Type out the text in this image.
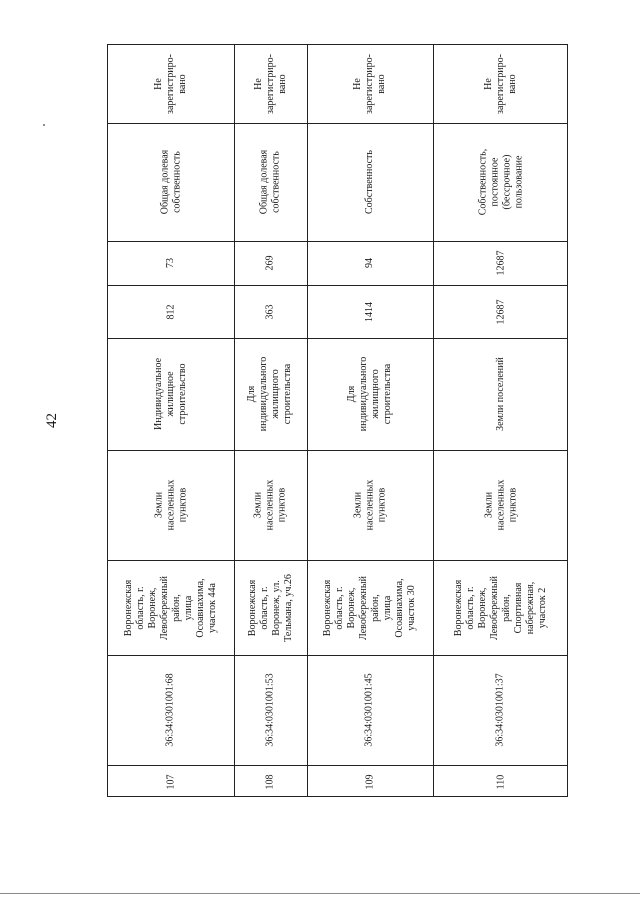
42
Не
зарегистриро-
вано
Общая долевая
собственность
73
812
Индивидуальное
жилищное
строительство
Земли
населенных
пунктов
Воронежская
область, г.
Воронеж,
Левобережный
район,
улица
Осоавиахима,
участок 44а
36:34:0301001:68
107
Не
зарегистриро-
вано
Общая долевая
собственность
269
363
Для
индивидуального
жилищного
строительства
Земли
населенных
пунктов
Воронежская
область, г.
Воронеж, ул.
Тельмана, уч.26
36:34:0301001:53
108
Не
зарегистриро-
вано
Собственность
94
1414
Для
индивидуального
жилищного
строительства
Земли
населенных
пунктов
Воронежская
область, г.
Воронеж,
Левобережный
район,
улица
Осоавиахима,
участок 30
36:34:0301001:45
109
Не
зарегистриро-
вано
Собственность,
постоянное
(бессрочное)
пользование
12687
12687
Земли поселений
Земли
населенных
пунктов
Воронежская
область, г.
Воронеж,
Левобережный
район,
Спортивная
набережная,
участок 2
36:34:0301001:37
110
